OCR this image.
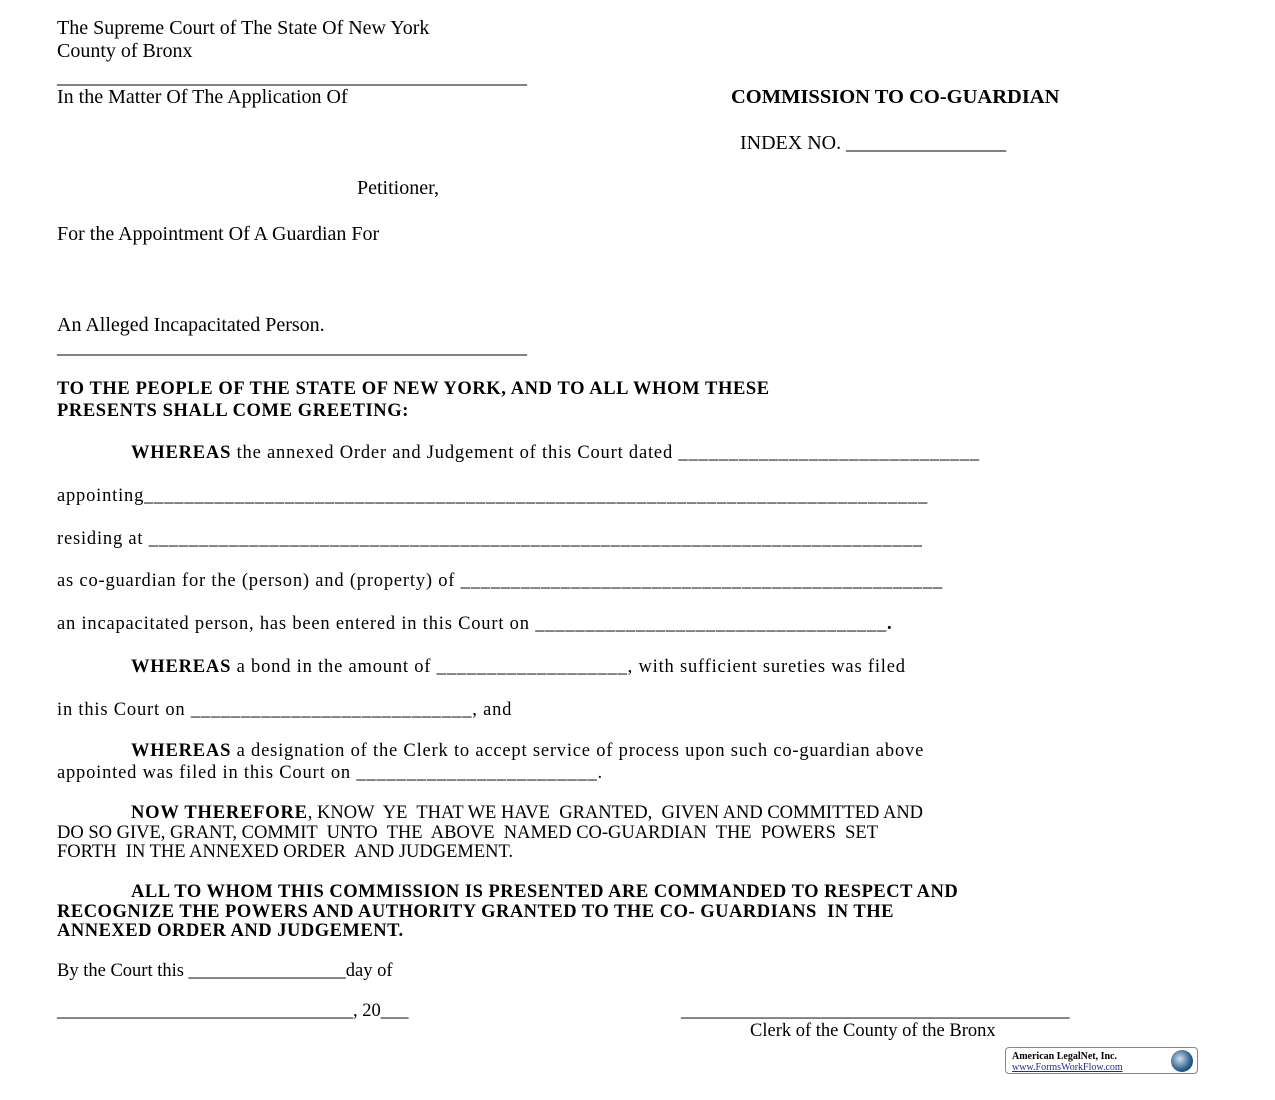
The Supreme Court of The State Of New York
County of Bronx
_______________________________________________
In the Matter Of The Application Of	COMMISSION TO CO-GUARDIAN
INDEX NO. ________________
Petitioner,
For the Appointment Of A Guardian For
An Alleged Incapacitated Person.
_______________________________________________
TO THE PEOPLE OF THE STATE OF NEW YORK, AND TO ALL WHOM THESE
PRESENTS SHALL COME GREETING:
WHEREAS the annexed Order and Judgement of this Court dated ______________________________
appointing______________________________________________________________________________
residing at _____________________________________________________________________________
as co-guardian for the (person) and (property) of ________________________________________________
an incapacitated person, has been entered in this Court on ___________________________________.
WHEREAS a bond in the amount of ___________________, with sufficient sureties was filed
in this Court on ____________________________, and
WHEREAS a designation of the Clerk to accept service of process upon such co-guardian above
appointed was filed in this Court on ________________________.
NOW THEREFORE, KNOW  YE  THAT WE HAVE  GRANTED,  GIVEN AND COMMITTED AND
DO SO GIVE, GRANT, COMMIT  UNTO  THE  ABOVE  NAMED CO-GUARDIAN  THE  POWERS  SET
FORTH  IN THE ANNEXED ORDER  AND JUDGEMENT.
ALL TO WHOM THIS COMMISSION IS PRESENTED ARE COMMANDED TO RESPECT AND
RECOGNIZE THE POWERS AND AUTHORITY GRANTED TO THE CO- GUARDIANS  IN THE
ANNEXED ORDER AND JUDGEMENT.
By the Court this _________________day of
________________________________, 20___	__________________________________________
Clerk of the County of the Bronx
American LegalNet, Inc.
www.FormsWorkFlow.com
